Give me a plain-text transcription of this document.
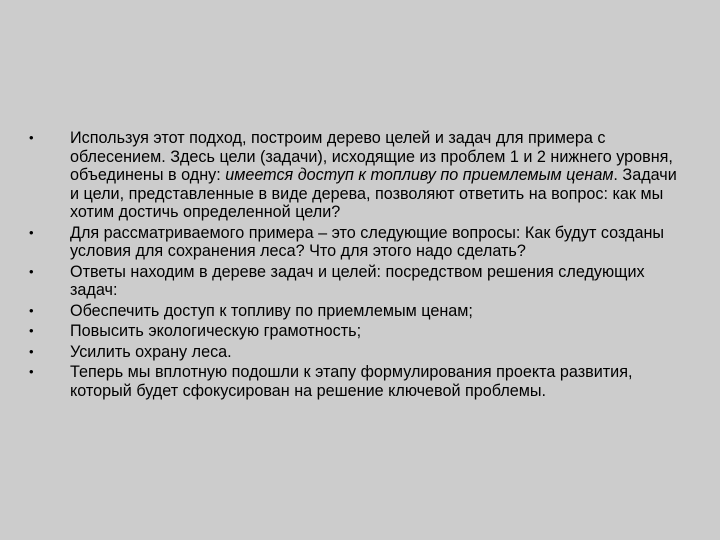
•	Используя этот подход, построим дерево целей и задач для примера с облесением. Здесь цели (задачи), исходящие из проблем 1 и 2 нижнего уровня, объединены в одну: имеется доступ к топливу по приемлемым ценам. Задачи и цели, представленные в виде дерева, позволяют ответить на вопрос: как мы хотим достичь определенной цели?
•	Для рассматриваемого примера – это следующие вопросы: Как будут созданы условия для сохранения леса? Что для этого надо сделать?
•	Ответы находим в дереве задач и целей: посредством решения следующих задач:
•	Обеспечить доступ к топливу по приемлемым ценам;
•	Повысить экологическую грамотность;
•	Усилить охрану леса.
•	Теперь мы вплотную подошли к этапу формулирования проекта развития, который будет сфокусирован на решение ключевой проблемы.
